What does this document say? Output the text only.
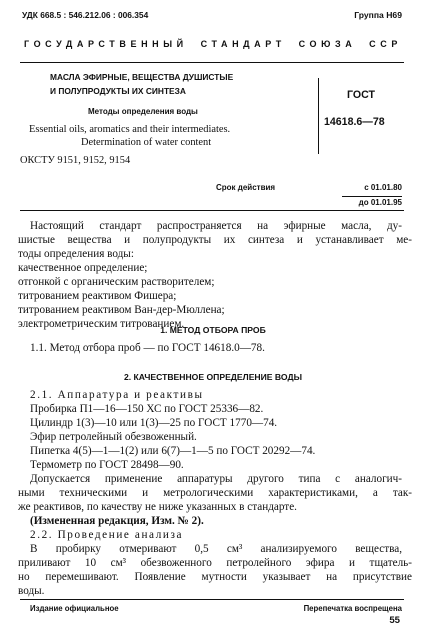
УДК 668.5 : 546.212.06 : 006.354	Группа Н69
ГОСУДАРСТВЕННЫЙ СТАНДАРТ СОЮЗА ССР
МАСЛА ЭФИРНЫЕ, ВЕЩЕСТВА ДУШИСТЫЕ
И ПОЛУПРОДУКТЫ ИХ СИНТЕЗА
Методы определения воды
Essential oils, aromatics and their intermediates.
Determination of water content
ГОСТ
14618.6—78
ОКСТУ 9151, 9152, 9154
Срок действия	с 01.01.80
до 01.01.95
Настоящий стандарт распространяется на эфирные масла, ду-
шистые вещества и полупродукты их синтеза и устанавливает ме-
тоды определения воды:
качественное определение;
отгонкой с органическим растворителем;
титрованием реактивом Фишера;
титрованием реактивом Ван-дер-Мюллена;
электрометрическим титрованием.
1. МЕТОД ОТБОРА ПРОБ
1.1. Метод отбора проб — по ГОСТ 14618.0—78.
2. КАЧЕСТВЕННОЕ ОПРЕДЕЛЕНИЕ ВОДЫ
2.1. Аппаратура и реактивы
Пробирка П1—16—150 ХС по ГОСТ 25336—82.
Цилиндр 1(3)—10 или 1(3)—25 по ГОСТ 1770—74.
Эфир петролейный обезвоженный.
Пипетка 4(5)—1—1(2) или 6(7)—1—5 по ГОСТ 20292—74.
Термометр по ГОСТ 28498—90.
Допускается применение аппаратуры другого типа с аналогич-
ными техническими и метрологическими характеристиками, а так-
же реактивов, по качеству не ниже указанных в стандарте.
(Измененная редакция, Изм. № 2).
2.2. Проведение анализа
В пробирку отмеривают 0,5 см³ анализируемого вещества,
приливают 10 см³ обезвоженного петролейного эфира и тщатель-
но перемешивают. Появление мутности указывает на присутствие
воды.
Издание официальное	Перепечатка воспрещена
55
